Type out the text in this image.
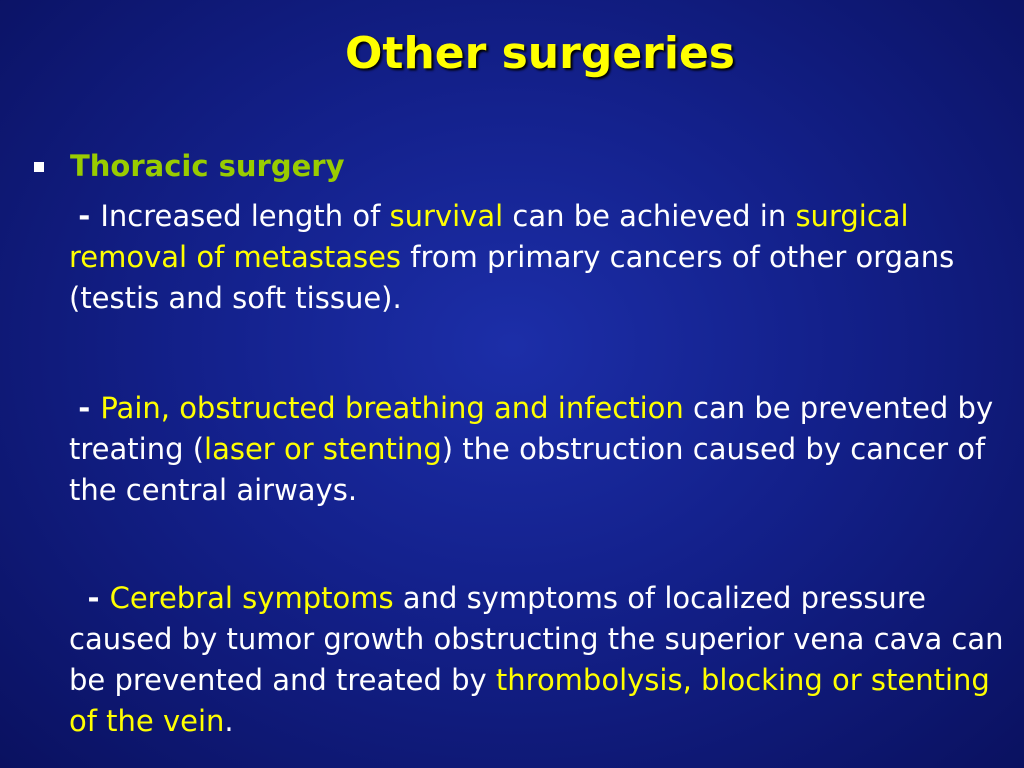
Other surgeries
Thoracic surgery
- Increased length of survival can be achieved in surgical removal of metastases from primary cancers of other organs (testis and soft tissue).
- Pain, obstructed breathing and infection can be prevented by treating (laser or stenting) the obstruction caused by cancer of the central airways.
- Cerebral symptoms and symptoms of localized pressure caused by tumor growth obstructing the superior vena cava can be prevented and treated by thrombolysis, blocking or stenting of the vein.
